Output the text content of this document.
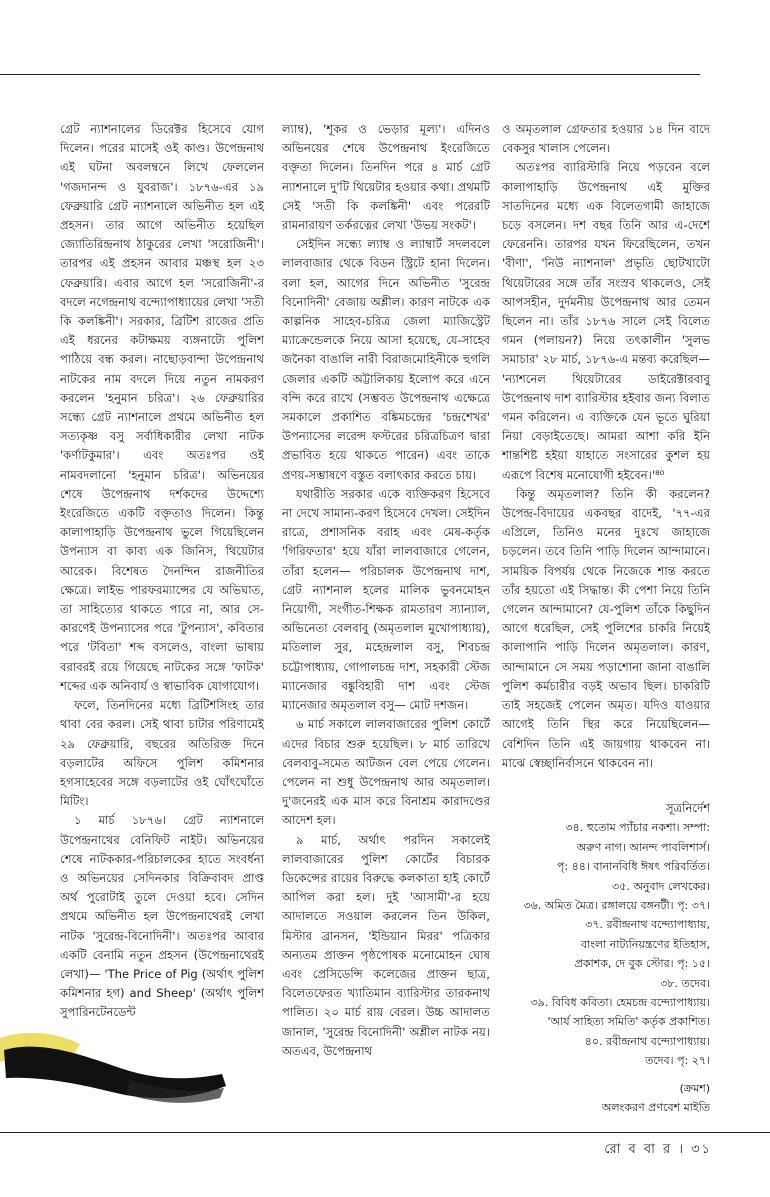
গ্রেট ন্যাশনালের ডিরেক্টর হিসেবে যোগ দিলেন। পরের মাসেই ওই কাণ্ড। উপেন্দ্রনাথ এই ঘটনা অবলম্বনে লিখে ফেললেন 'গজদানন্দ ও যুবরাজ'। ১৮৭৬-এর ১৯ ফেব্রুয়ারি গ্রেট ন্যাশনালে অভিনীত হল এই প্রহসন। তার আগে অভিনীত হয়েছিল জ্যোতিরিন্দ্রনাথ ঠাকুরের লেখা 'সরোজিনী'। তারপর এই প্রহসন আবার মঞ্চস্থ হল ২৩ ফেব্রুয়ারি। এবার আগে হল 'সরোজিনী'-র বদলে নগেন্দ্রনাথ বন্দ্যোপাধ্যায়ের লেখা 'সতী কি কলঙ্কিনী'। সরকার, ব্রিটিশ রাজের প্রতি এই ধরনের কটাক্ষময় ব্যঙ্গনাট্যে পুলিশ পাঠিয়ে বন্ধ করল। নাছোড়বান্দা উপেন্দ্রনাথ নাটকের নাম বদলে দিয়ে নতুন নামকরণ করলেন 'হনুমান চরিত্র'। ২৬ ফেব্রুয়ারির সন্ধ্যে গ্রেট ন্যাশনালে প্রথমে অভিনীত হল সত্যকৃষ্ণ বসু সর্বাধিকারীর লেখা নাটক 'কর্ণাটকুমার'। এবং অতঃপর ওই নামবদলানো 'হনুমান চরিত্র'। অভিনয়ের শেষে উপেন্দ্রনাথ দর্শকদের উদ্দেশ্যে ইংরেজিতে একটি বক্তৃতাও দিলেন। কিন্তু কালাপাহাড়ি উপেন্দ্রনাথ ভুলে গিয়েছিলেন উপন্যাস বা কাব্য এক জিনিস, থিয়েটার আরেক। বিশেষত দৈনন্দিন রাজনীতির ক্ষেত্রে। লাইভ পারফরম্যান্সের যে অভিঘাত, তা সাহিত্যের থাকতে পারে না, আর সে-কারণেই উপন্যাসের পরে 'টুপন্যাস', কবিতার পরে 'টবিতা' শব্দ বসলেও, বাংলা ভাষায় বরাবরই রয়ে গিয়েছে নাটকের সঙ্গে 'ফাটক' শব্দের এক অনিবার্য ও স্বাভাবিক যোগাযোগ।

ফলে, তিনদিনের মধ্যে ব্রিটিশসিংহ তার থাবা বের করল। সেই থাবা চাটার পরিণামেই ২৯ ফেব্রুয়ারি, বছরের অতিরিক্ত দিনে বড়লাটের অফিসে পুলিশ কমিশনার হগসাহেবের সঙ্গে বড়লাটের ওই ঘোঁৎঘোঁতে মিটিং।

১ মার্চ ১৮৭৬। গ্রেট ন্যাশনালে উপেন্দ্রনাথের বেনিফিট নাইট। অভিনয়ের শেষে নাটককার-পরিচালকের হাতে সংবর্ধনা ও অভিনয়ের সেদিনকার বিক্রিবাবদ প্রাপ্ত অর্থ পুরোটাই তুলে দেওয়া হবে। সেদিন প্রথমে অভিনীত হল উপেন্দ্রনাথেরই লেখা নাটক 'সুরেন্দ্র-বিনোদিনী'। অতঃপর আবার একটি বেনামি নতুন প্রহসন (উপেন্দ্রনাথেরই লেখা)— 'The Price of Pig (অর্থাৎ পুলিশ কমিশনার হগ) and Sheep' (অর্থাৎ পুলিশ সুপারিনটেনডেন্ট

ল্যাম্ব), 'শূকর ও ভেড়ার মূল্য'। এদিনও অভিনয়ের শেষে উপেন্দ্রনাথ ইংরেজিতে বক্তৃতা দিলেন। তিনদিন পরে ৪ মার্চ গ্রেট ন্যাশনালে দু'টি থিয়েটার হওয়ার কথা। প্রথমটি সেই 'সতী কি কলঙ্কিনী' এবং পরেরটি রামনারায়ণ তর্করত্নের লেখা 'উভয় সংকট'।

সেইদিন সন্ধ্যে ল্যাম্ব ও ল্যাম্বার্ট সদলবলে লালবাজার থেকে বিডন স্ট্রিটে হানা দিলেন। বলা হল, আগের দিনে অভিনীত 'সুরেন্দ্র বিনোদিনী' বেজায় অশ্লীল। কারণ নাটকে এক কাল্পনিক সাহেব-চরিত্র জেলা ম্যাজিস্ট্রেট ম্যাক্রেন্ডেলকে নিয়ে আসা হয়েছে, যে-সাহেব জনৈকা বাঙালি নারী বিরাজমোহিনীকে হুগলি জেলার একটি অট্টালিকায় ইলোপ করে এনে বন্দি করে রাখে (সম্ভবত উপেন্দ্রনাথ এক্ষেত্রে সমকালে প্রকাশিত বঙ্কিমচন্দ্রের 'চন্দ্রশেখর' উপন্যাসের লরেন্স ফস্টরের চরিত্রচিত্রণ দ্বারা প্রভাবিত হয়ে থাকতে পারেন) এবং তাকে প্রণয়-সম্ভাষণে বস্তুত বলাৎকার করতে চায়।

যথারীতি সরকার একে ব্যক্তিকরণ হিসেবে না দেখে সামান্য-করণ হিসেবে দেখল। সেইদিন রাত্রে, প্রশাসনিক বরাহ এবং মেষ-কর্তৃক 'গিরিফতার' হয়ে যাঁরা লালবাজারে গেলেন, তাঁরা হলেন— পরিচালক উপেন্দ্রনাথ দাশ, গ্রেট ন্যাশনাল হলের মালিক ভুবনমোহন নিয়োগী, সংগীত-শিক্ষক রামতারণ স্যান্যাল, অভিনেতা বেলবাবু (অমৃতলাল মুখোপাধ্যায়), মতিলাল সুর, মহেন্দ্রলাল বসু, শিবচন্দ্র চট্টোপাধ্যায়, গোপালচন্দ্র দাশ, সহকারী স্টেজ ম্যানেজার বঙ্কুবিহারী দাশ এবং স্টেজ ম্যানেজার অমৃতলাল বসু— মোট দশজন।

৬ মার্চ সকালে লালবাজারের পুলিশ কোর্টে এদের বিচার শুরু হয়েছিল। ৮ মার্চ তারিখে বেলবাবু-সমেত আটজন বেল পেয়ে গেলেন। পেলেন না শুধু উপেন্দ্রনাথ আর অমৃতলাল। দু'জনেরই এক মাস করে বিনাশ্রম কারাদণ্ডের আদেশ হল।

৯ মার্চ, অর্থাৎ পরদিন সকালেই লালবাজারের পুলিশ কোর্টের বিচারক ডিকেন্সের রায়ের বিরুদ্ধে কলকাতা হাই কোর্টে আপিল করা হল। দুই 'আসামী'-র হয়ে আদালতে সওয়াল করলেন তিন উকিল, মিস্টার ব্রানসন, 'ইন্ডিয়ান মিরর' পত্রিকার অন্যতম প্রাক্তন পৃষ্ঠপোষক মনোমোহন ঘোষ এবং প্রেসিডেন্সি কলেজের প্রাক্তন ছাত্র, বিলেতফেরত খ্যাতিমান ব্যারিস্টার তারকনাথ পালিত। ২০ মার্চ রায় বেরল। উচ্চ আদালত জানাল, 'সুরেন্দ্র বিনোদিনী' অশ্লীল নাটক নয়। অতএব, উপেন্দ্রনাথ

ও অমৃতলাল গ্রেফতার হওয়ার ১৪ দিন বাদে বেকসুর খালাস পেলেন।

অতঃপর ব্যারিস্টারি নিয়ে পড়বেন বলে কালাপাহাড়ি উপেন্দ্রনাথ এই মুক্তির সাতদিনের মধ্যে এক বিলেতগামী জাহাজে চড়ে বসলেন। দশ বছর তিনি আর এ-দেশে ফেরেননি। তারপর যখন ফিরেছিলেন, তখন 'বীণা', 'নিউ ন্যাশনাল' প্রভৃতি ছোটখাটো থিয়েটারের সঙ্গে তাঁর সংস্রব থাকলেও, সেই আপসহীন, দুর্দমনীয় উপেন্দ্রনাথ আর তেমন ছিলেন না। তাঁর ১৮৭৬ সালে সেই বিলেত গমন (পলায়ন?) নিয়ে তৎকালীন 'সুলভ সমাচার' ২৮ মার্চ, ১৮৭৬-এ মন্তব্য করেছিল— 'ন্যাশনেল থিয়েটারের ডাইরেক্টারবাবু উপেন্দ্রনাথ দাশ ব্যারিস্টার হইবার জন্য বিলাত গমন করিলেন। এ ব্যক্তিকে যেন ভূতে ঘুরিয়া নিয়া বেড়াইতেছে। আমরা আশা করি ইনি শান্তশিষ্ট হইয়া যাহাতে সংসারের কুশল হয় এরূপে বিশেষ মনোযোগী হইবেন।'⁸⁰

কিন্তু অমৃতলাল? তিনি কী করলেন? উপেন্দ্র-বিদায়ের একবছর বাদেই, '৭৭-এর এপ্রিলে, তিনিও মনের দুঃখে জাহাজে চড়লেন। তবে তিনি পাড়ি দিলেন আন্দামানে। সাময়িক বিপর্যয় থেকে নিজেকে শান্ত করতে তাঁর হয়তো এই সিদ্ধান্ত। কী পেশা নিয়ে তিনি গেলেন আন্দামানে? যে-পুলিশ তাঁকে কিছুদিন আগে ধরেছিল, সেই পুলিশের চাকরি নিয়েই কালাপানি পাড়ি দিলেন অমৃতলাল। কারণ, আন্দামানে সে সময় পড়াশোনা জানা বাঙালি পুলিশ কর্মচারীর বড়ই অভাব ছিল। চাকরিটি তাই সহজেই পেলেন অমৃত। যদিও যাওয়ার আগেই তিনি স্থির করে নিয়েছিলেন— বেশিদিন তিনি এই জায়গায় থাকবেন না। মাঝে স্বেচ্ছানির্বাসনে থাকবেন না।

সূত্রনির্দেশ
৩৪. হুতোম প্যাঁচার নকশা। সম্পা:
অরুণ নাগ। আনন্দ পাবলিশার্স।
পৃ: ৪৪। বানানবিধি ঈষৎ পরিবর্তিত।
৩৫. অনুবাদ লেখকের।
৩৬. অমিত মৈত্র। রঙ্গালয়ে বঙ্গনটী। পৃ: ৩৭।
৩৭. রবীন্দ্রনাথ বন্দ্যোপাধ্যায়,
বাংলা নাট্যনিয়ন্ত্রণের ইতিহাস,
প্রকাশক, দে বুক স্টোর। পৃ: ১৫।
৩৮. তদেব।
৩৯. বিবিধ কবিতা। হেমচন্দ্র বন্দ্যোপাধ্যায়।
'আর্য সাহিত্য সমিতি' কর্তৃক প্রকাশিত।
৪০. রবীন্দ্রনাথ বন্দ্যোপাধ্যায়।
তদেব। পৃ: ২৭।
(ক্রমশ)
অলংকরণ প্রণবেশ মাইতি
রো ব বা র । ৩১
